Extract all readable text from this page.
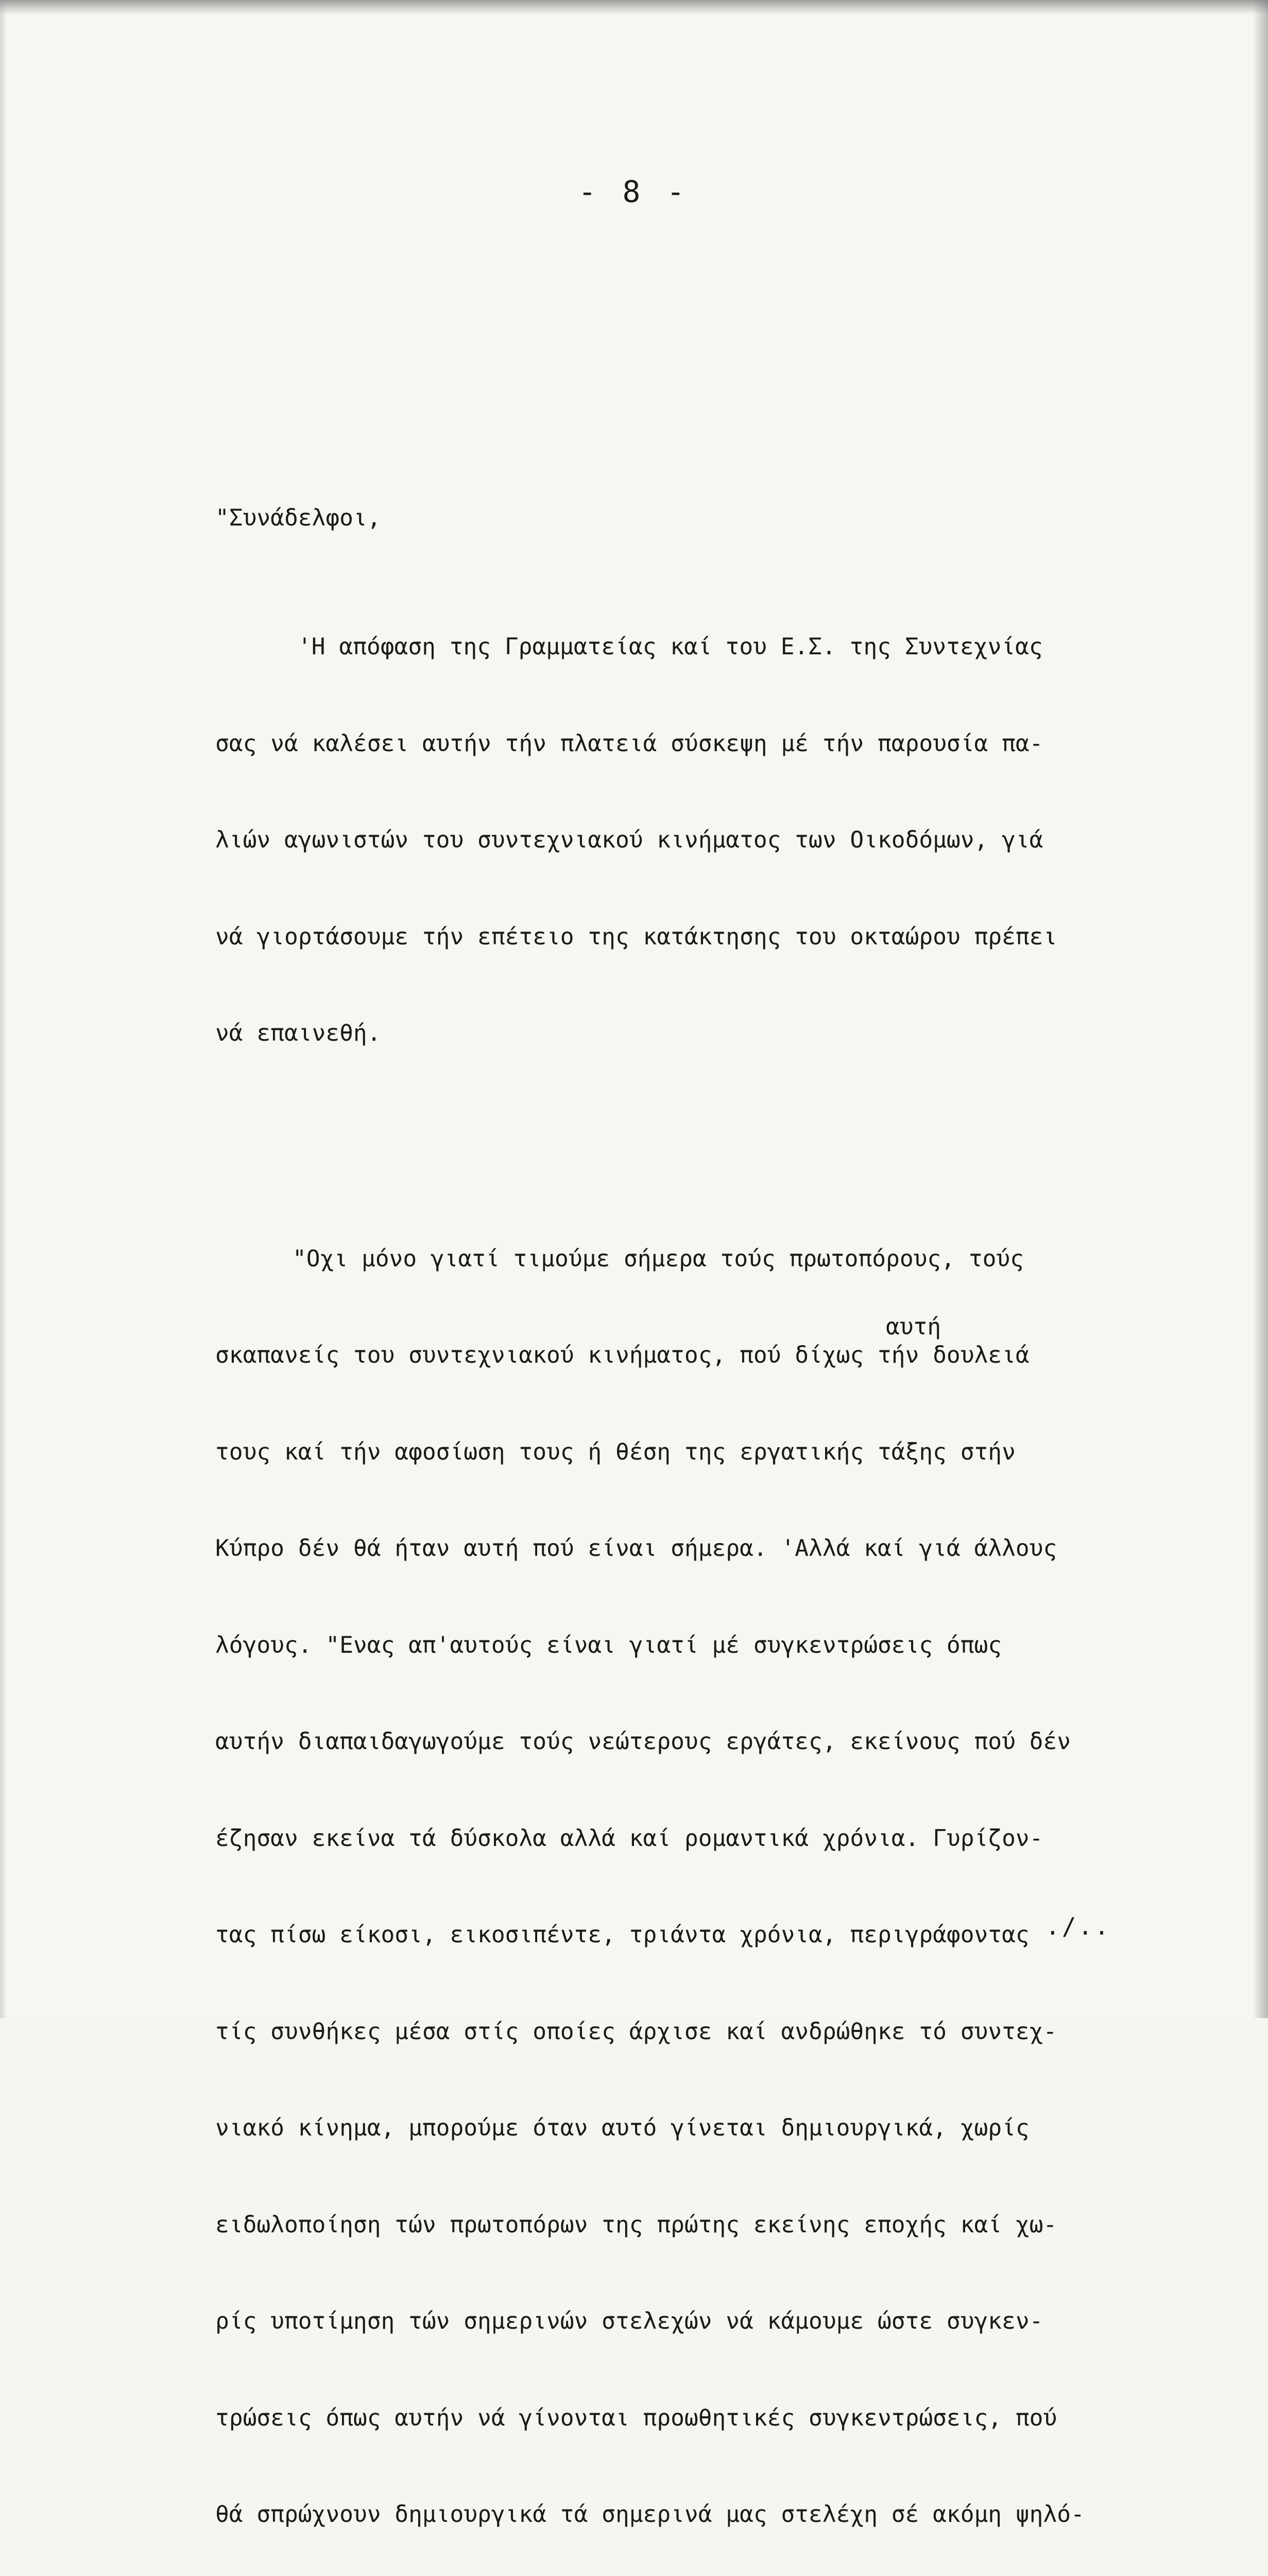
- 8 -

"Συνάδελφοι,

'Η απόφαση της Γραμματείας καί του Ε.Σ. της Συντεχνίας

σας νά καλέσει αυτήν τήν πλατειά σύσκεψη μέ τήν παρουσία πα-

λιών αγωνιστών του συντεχνιακού κινήματος των Οικοδόμων, γιά

νά γιορτάσουμε τήν επέτειο της κατάκτησης του οκταώρου πρέπει

νά επαινεθή.

"Οχι μόνο γιατί τιμούμε σήμερα τούς πρωτοπόρους, τούς

σκαπανείς του συντεχνιακού κινήματος, πού δίχως τήν δουλειά

τους καί τήν αφοσίωση τους ή θέση της εργατικής τάξης στήν

Κύπρο δέν θά ήταν αυτή πού είναι σήμερα. 'Αλλά καί γιά άλλους

λόγους. "Ενας απ'αυτούς είναι γιατί μέ συγκεντρώσεις όπως

αυτήν διαπαιδαγωγούμε τούς νεώτερους εργάτες, εκείνους πού δέν

έζησαν εκείνα τά δύσκολα αλλά καί ρομαντικά χρόνια. Γυρίζον-

τας πίσω είκοσι, εικοσιπέντε, τριάντα χρόνια, περιγράφοντας

τίς συνθήκες μέσα στίς οποίες άρχισε καί ανδρώθηκε τό συντεχ-

νιακό κίνημα, μπορούμε όταν αυτό γίνεται δημιουργικά, χωρίς

ειδωλοποίηση τών πρωτοπόρων της πρώτης εκείνης εποχής καί χω-

ρίς υποτίμηση τών σημερινών στελεχών νά κάμουμε ώστε συγκεν-

τρώσεις όπως αυτήν νά γίνονται προωθητικές συγκεντρώσεις, πού

θά σπρώχνουν δημιουργικά τά σημερινά μας στελέχη σέ ακόμη ψηλό-

αυτή
./..
